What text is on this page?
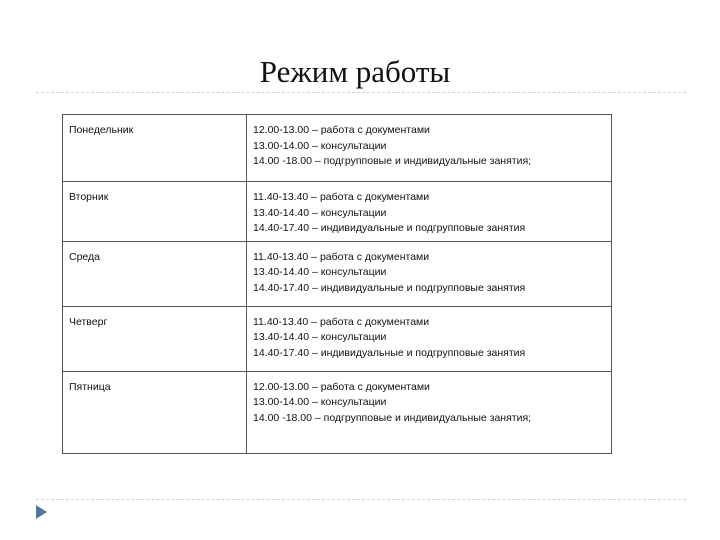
Режим работы
Понедельник	12.00-13.00 – работа с документами
13.00-14.00 – консультации
14.00 -18.00 – подгрупповые и индивидуальные занятия;

Вторник	11.40-13.40 – работа с документами
13.40-14.40 – консультации
14.40-17.40 – индивидуальные и подгрупповые занятия

Среда	11.40-13.40 – работа с документами
13.40-14.40 – консультации
14.40-17.40 – индивидуальные и подгрупповые занятия

Четверг	11.40-13.40 – работа с документами
13.40-14.40 – консультации
14.40-17.40 – индивидуальные и подгрупповые занятия

Пятница	12.00-13.00 – работа с документами
13.00-14.00 – консультации
14.00 -18.00 – подгрупповые и индивидуальные занятия;
